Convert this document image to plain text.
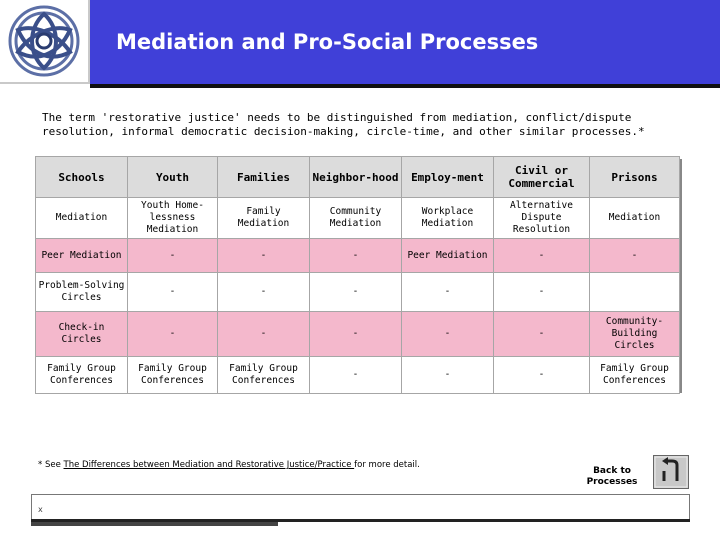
Mediation and Pro-Social Processes
The term 'restorative justice' needs to be distinguished from mediation, conflict/dispute resolution, informal democratic decision-making, circle-time, and other similar processes.*
Schools	Youth	Families	Neighbor-hood	Employ-ment	Civil or Commercial	Prisons
Mediation	Youth Home-lessness Mediation	Family Mediation	Community Mediation	Workplace Mediation	Alternative Dispute Resolution	Mediation
Peer Mediation	-	-	-	Peer Mediation	-	-
Problem-Solving Circles	-	-	-	-	-	
Check-in Circles	-	-	-	-	-	Community-Building Circles
Family Group Conferences	Family Group Conferences	Family Group Conferences	-	-	-	Family Group Conferences
* See The Differences between Mediation and Restorative Justice/Practice for more detail.
Back to Processes
x
